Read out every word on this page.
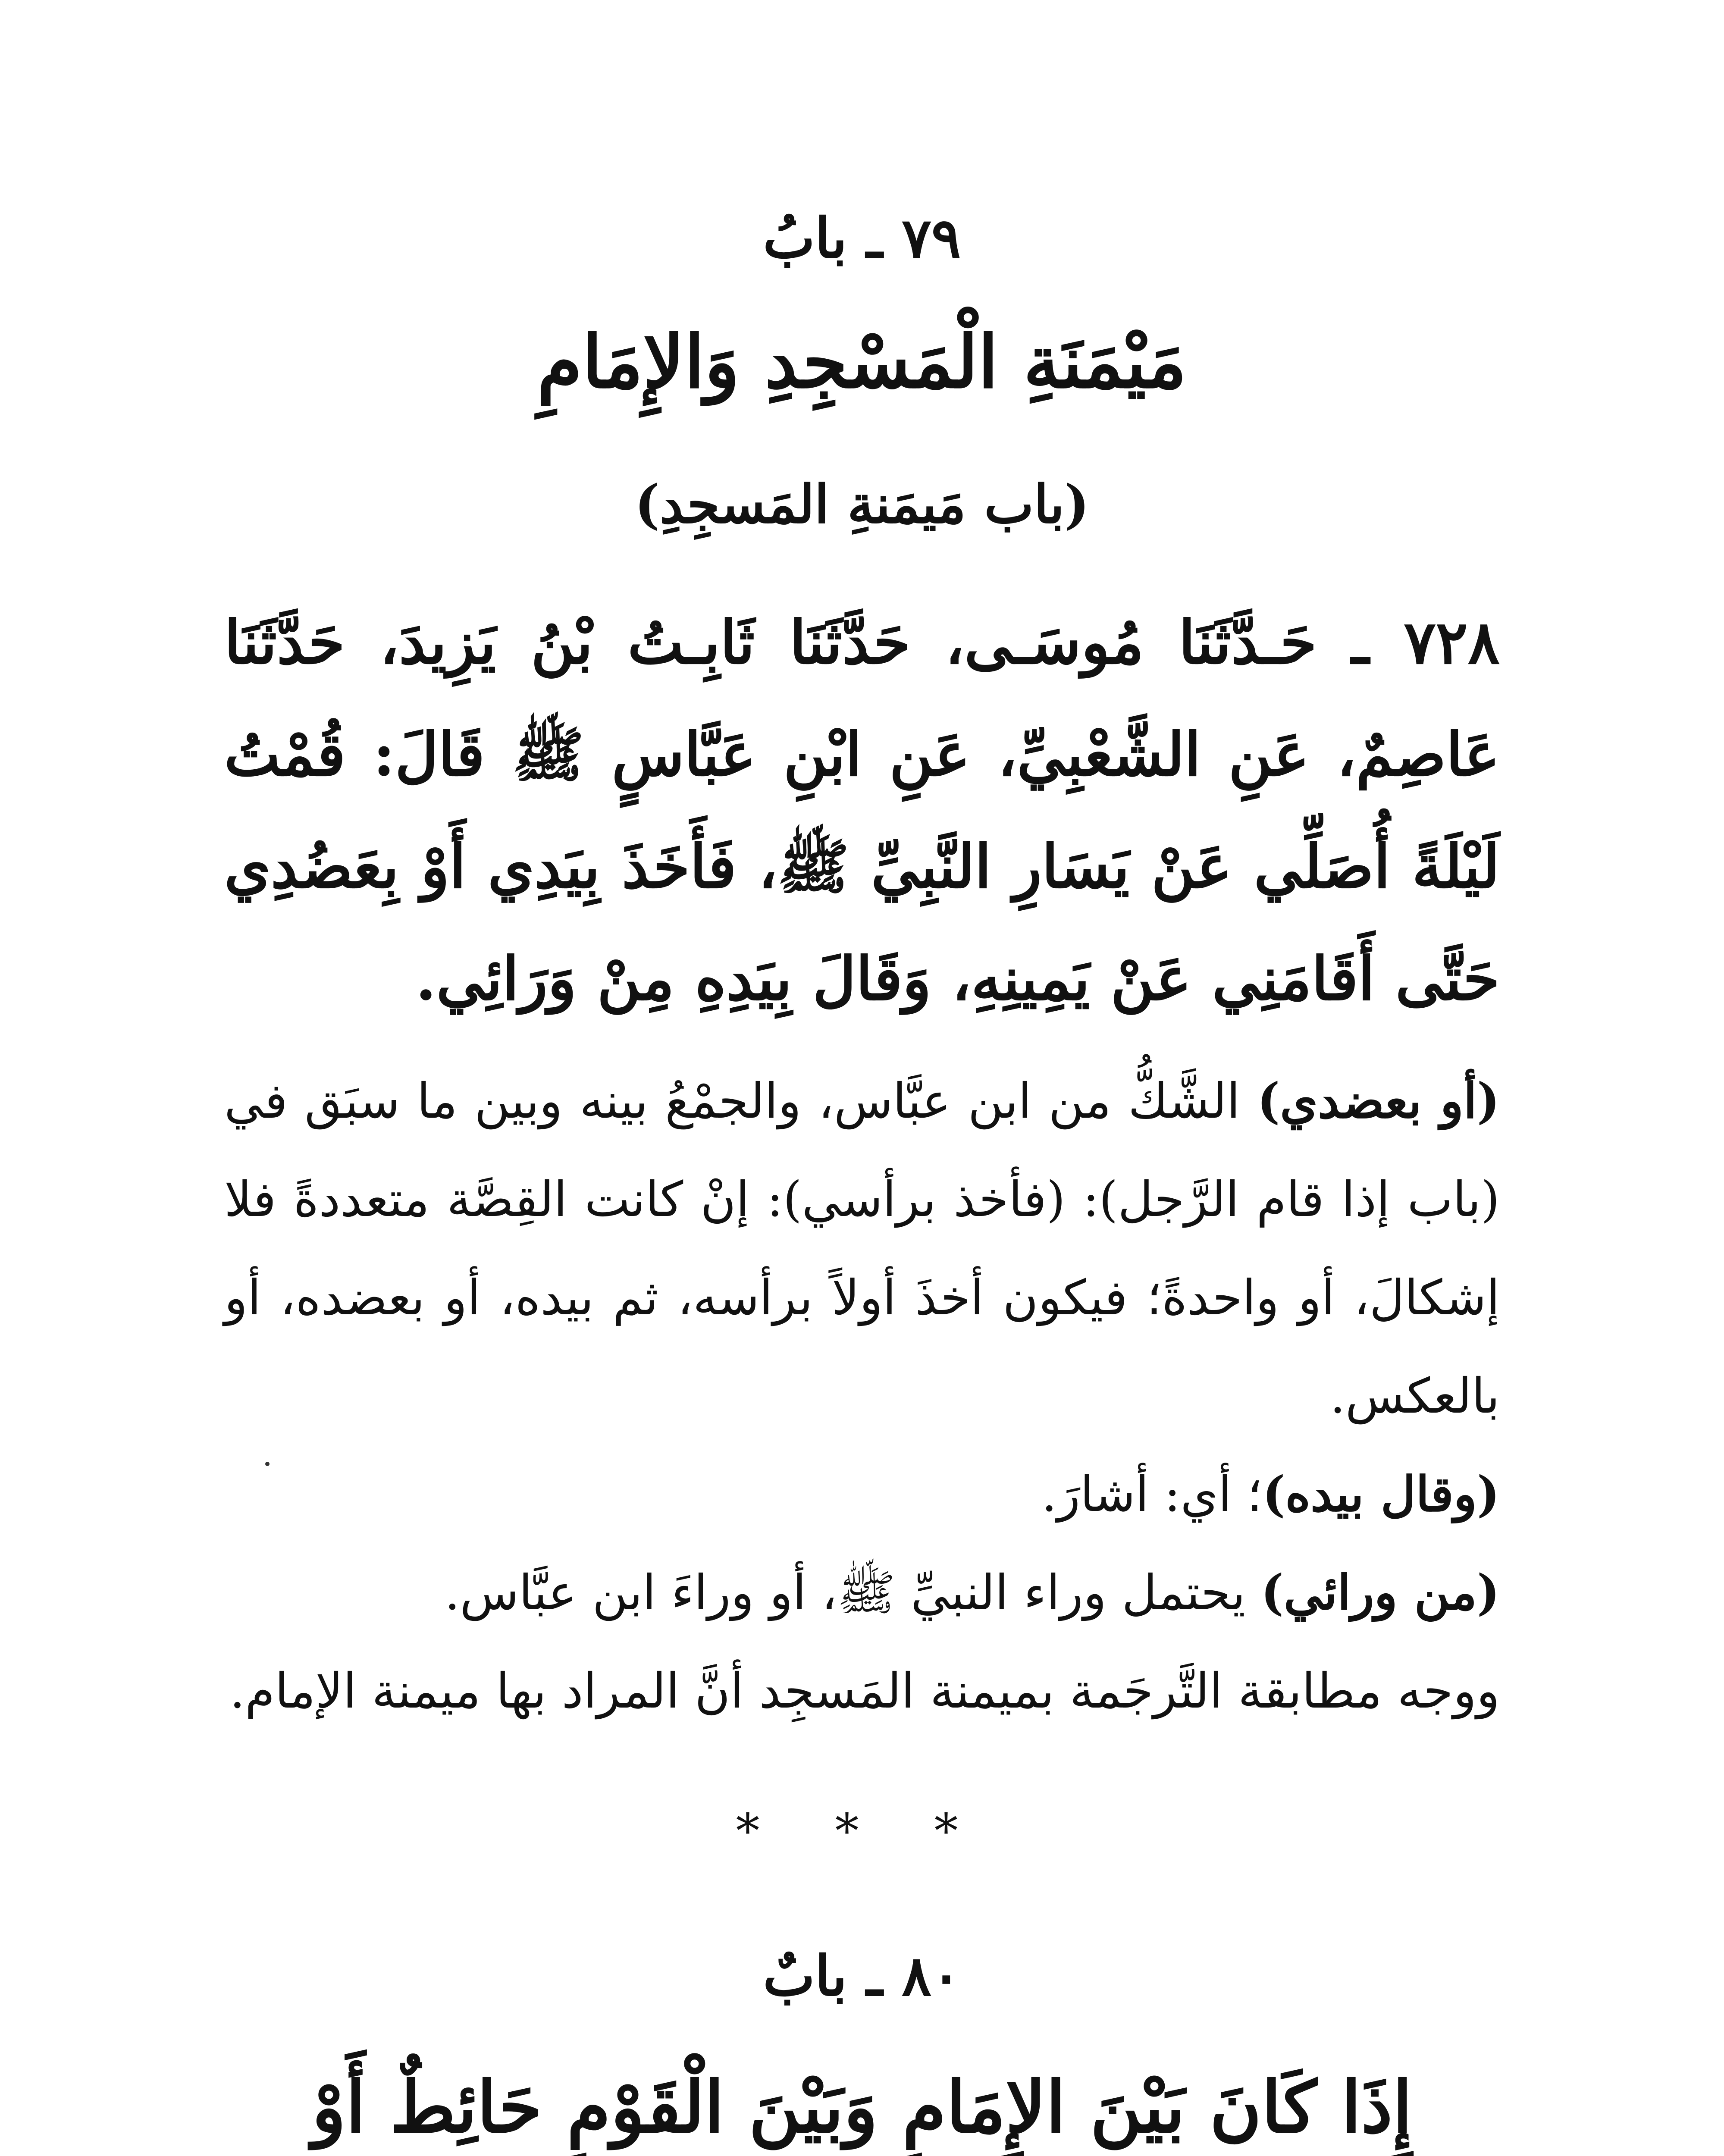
٧٩ ـ بابُ
مَيْمَنَةِ الْمَسْجِدِ وَالإِمَامِ
(باب مَيمَنةِ المَسجِدِ)
٧٢٨ ـ حَـدَّثَنَا مُوسَـى، حَدَّثَنَا ثَابِـتُ بْنُ يَزِيدَ، حَدَّثَنَا عَاصِمٌ، عَنِ الشَّعْبِيِّ، عَنِ ابْنِ عَبَّاسٍ ﷺ قَالَ: قُمْتُ لَيْلَةً أُصَلِّي عَنْ يَسَارِ النَّبِيِّ ﷺ، فَأَخَذَ بِيَدِي أَوْ بِعَضُدِي حَتَّى أَقَامَنِي عَنْ يَمِينِهِ، وَقَالَ بِيَدِهِ مِنْ وَرَائِي.

(أو بعضدي) الشَّكُّ من ابن عبَّاس، والجمْعُ بينه وبين ما سبَق في (باب إذا قام الرَّجل): (فأخذ برأسي): إنْ كانت القِصَّة متعددةً فلا إشكالَ، أو واحدةً؛ فيكون أخذَ أولاً برأسه، ثم بيده، أو بعضده، أو بالعكس.

(وقال بيده)؛ أي: أشارَ.

(من ورائي) يحتمل وراء النبيِّ ﷺ، أو وراءَ ابن عبَّاس.

ووجه مطابقة التَّرجَمة بميمنة المَسجِد أنَّ المراد بها ميمنة الإمام.

* * *
٨٠ ـ بابٌ
إِذَا كَانَ بَيْنَ الإِمَامِ وَبَيْنَ الْقَوْمِ حَائِطٌ أَوْ
